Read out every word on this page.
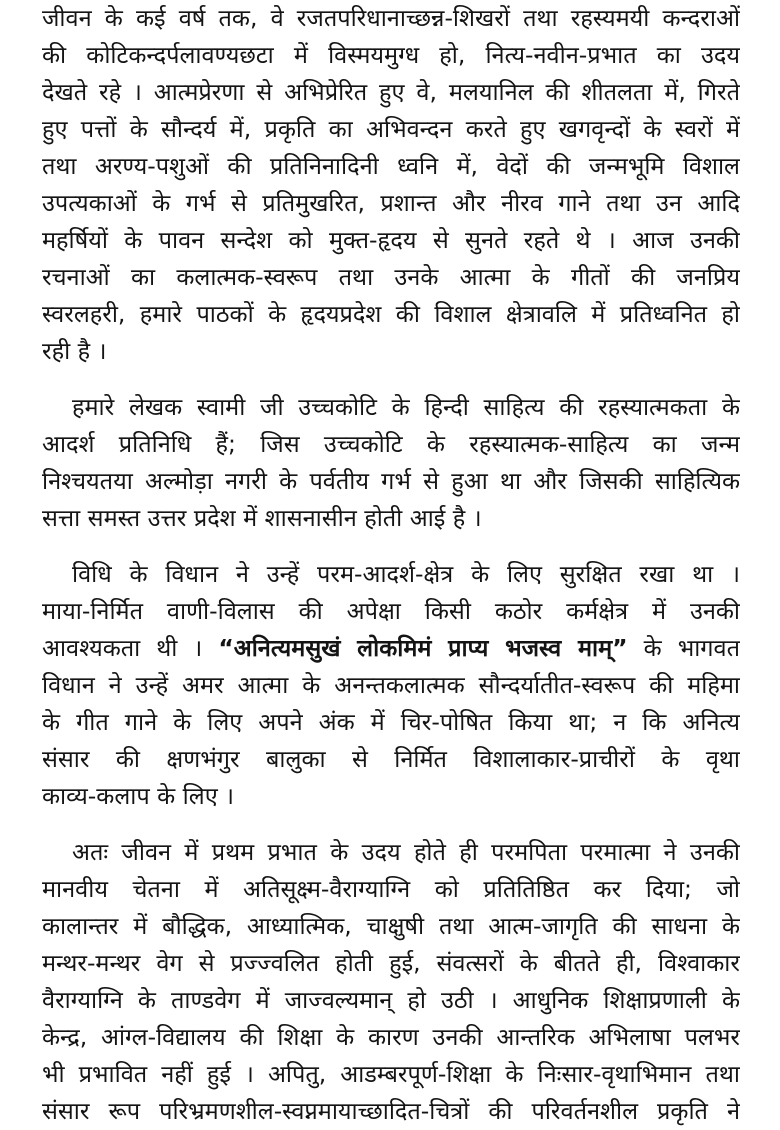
जीवन के कई वर्ष तक, वे रजतपरिधानाच्छन्न-शिखरों तथा रहस्यमयी कन्दराओं
की कोटिकन्दर्पलावण्यछटा में विस्मयमुग्ध हो, नित्य-नवीन-प्रभात का उदय
देखते रहे । आत्मप्रेरणा से अभिप्रेरित हुए वे, मलयानिल की शीतलता में, गिरते
हुए पत्तों के सौन्दर्य में, प्रकृति का अभिवन्दन करते हुए खगवृन्दों के स्वरों में
तथा अरण्य-पशुओं की प्रतिनिनादिनी ध्वनि में, वेदों की जन्मभूमि विशाल
उपत्यकाओं के गर्भ से प्रतिमुखरित, प्रशान्त और नीरव गाने तथा उन आदि
महर्षियों के पावन सन्देश को मुक्त-हृदय से सुनते रहते थे । आज उनकी
रचनाओं का कलात्मक-स्वरूप तथा उनके आत्मा के गीतों की जनप्रिय
स्वरलहरी, हमारे पाठकों के हृदयप्रदेश की विशाल क्षेत्रावलि में प्रतिध्वनित हो
रही है ।
हमारे लेखक स्वामी जी उच्चकोटि के हिन्दी साहित्य की रहस्यात्मकता के
आदर्श प्रतिनिधि हैं; जिस उच्चकोटि के रहस्यात्मक-साहित्य का जन्म
निश्चयतया अल्मोड़ा नगरी के पर्वतीय गर्भ से हुआ था और जिसकी साहित्यिक
सत्ता समस्त उत्तर प्रदेश में शासनासीन होती आई है ।
विधि के विधान ने उन्हें परम-आदर्श-क्षेत्र के लिए सुरक्षित रखा था ।
माया-निर्मित वाणी-विलास की अपेक्षा किसी कठोर कर्मक्षेत्र में उनकी
आवश्यकता थी । “अनित्यमसुखं लोकमिमं प्राप्य भजस्व माम्” के भागवत
विधान ने उन्हें अमर आत्मा के अनन्तकलात्मक सौन्दर्यातीत-स्वरूप की महिमा
के गीत गाने के लिए अपने अंक में चिर-पोषित किया था; न कि अनित्य
संसार की क्षणभंगुर बालुका से निर्मित विशालाकार-प्राचीरों के वृथा
काव्य-कलाप के लिए ।
अतः जीवन में प्रथम प्रभात के उदय होते ही परमपिता परमात्मा ने उनकी
मानवीय चेतना में अतिसूक्ष्म-वैराग्याग्नि को प्रतितिष्ठित कर दिया; जो
कालान्तर में बौद्धिक, आध्यात्मिक, चाक्षुषी तथा आत्म-जागृति की साधना के
मन्थर-मन्थर वेग से प्रज्ज्वलित होती हुई, संवत्सरों के बीतते ही, विश्वाकार
वैराग्याग्नि के ताण्डवेग में जाज्वल्यमान् हो उठी । आधुनिक शिक्षाप्रणाली के
केन्द्र, आंग्ल-विद्यालय की शिक्षा के कारण उनकी आन्तरिक अभिलाषा पलभर
भी प्रभावित नहीं हुई । अपितु, आडम्बरपूर्ण-शिक्षा के निःसार-वृथाभिमान तथा
संसार रूप परिभ्रमणशील-स्वप्नमायाच्छादित-चित्रों की परिवर्तनशील प्रकृति ने
